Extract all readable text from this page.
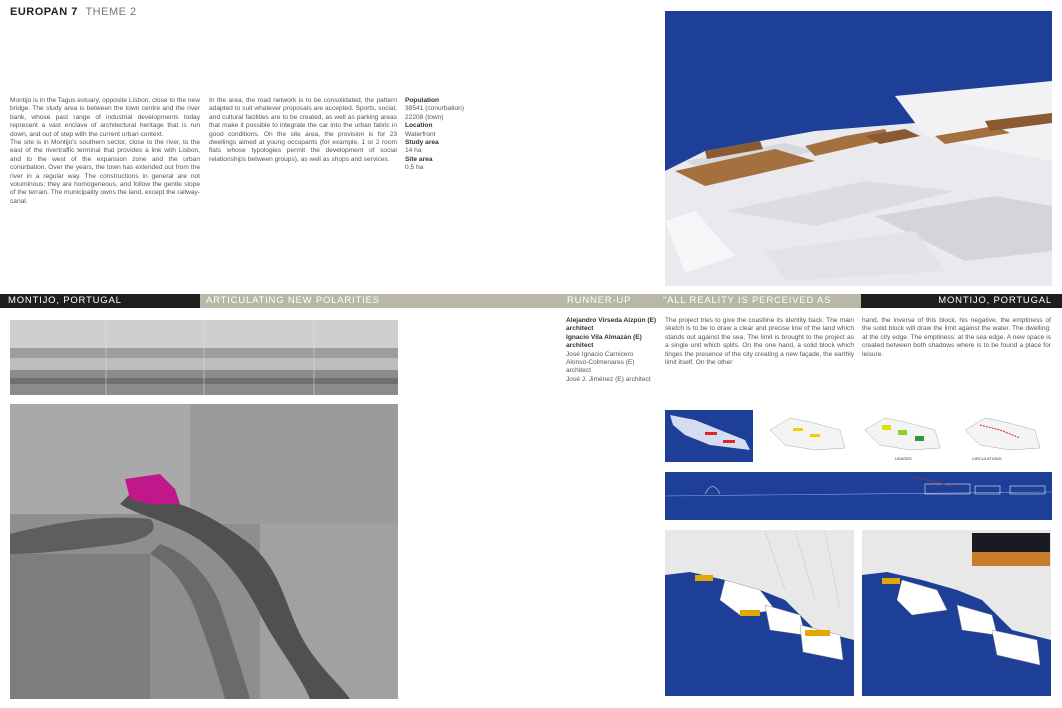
EUROPAN 7 THEME 2

Montijo is in the Tagus estuary, opposite Lisbon, close to the new bridge. The study area is between the town centre and the river bank, whose past range of industrial developments today represent a vast enclave of architectural heritage that is run down, and out of step with the current urban context.

The site is in Montijo's southern sector, close to the river, to the east of the rivertraffic terminal that provides a link with Lisbon, and to the west of the expansion zone and the urban conurbation. Over the years, the town has extended out from the river in a regular way. The constructions in general are not voluminous; they are homogeneous, and follow the gentle slope of the terrain. The municipality owns the land, except the railway-canal.

In the area, the road network is to be consolidated, the pattern adapted to suit whatever proposals are accepted. Sports, social, and cultural facilities are to be created, as well as parking areas that make it possible to integrate the car into the urban fabric in good conditions. On the site area, the provision is for 23 dwellings aimed at young occupants (for example, 1 or 2 room flats whose typologies permit the development of social relationships between groups), as well as shops and services.

Population
38541 (conurbation)
22208 (town)
Location
Waterfront
Study area
14 ha
Site area
0.5 ha
MONTIJO, PORTUGAL	ARTICULATING NEW POLARITIES	RUNNER-UP	"ALL REALITY IS PERCEIVED AS FRAGMENTS"
MONTIJO, PORTUGAL
Alejandro Virseda Aizpún (E)
architect
Ignacio Vila Almazán (E)
architect
José Ignacio Carnicero
Alonso-Colmenares (E)
architect
José J. Jiménez (E) architect

The project tries to give the coastline its identity back. The main sketch is to be to draw a clear and precise line of the land which stands out against the sea. The limit is brought to the project as a single unit which splits. On the one hand, a solid block which tinges the presence of the city creating a new façade, the earthly limit itself. On the other

hand, the inverse of this block, his negative, the emptiness of the solid block will draw the limit against the water. The dwelling: at the city edge. The emptiness: at the sea edge. A new space is created between both shadows where is to be found a place for leisure.

USAGES	CIRCULATIONS
